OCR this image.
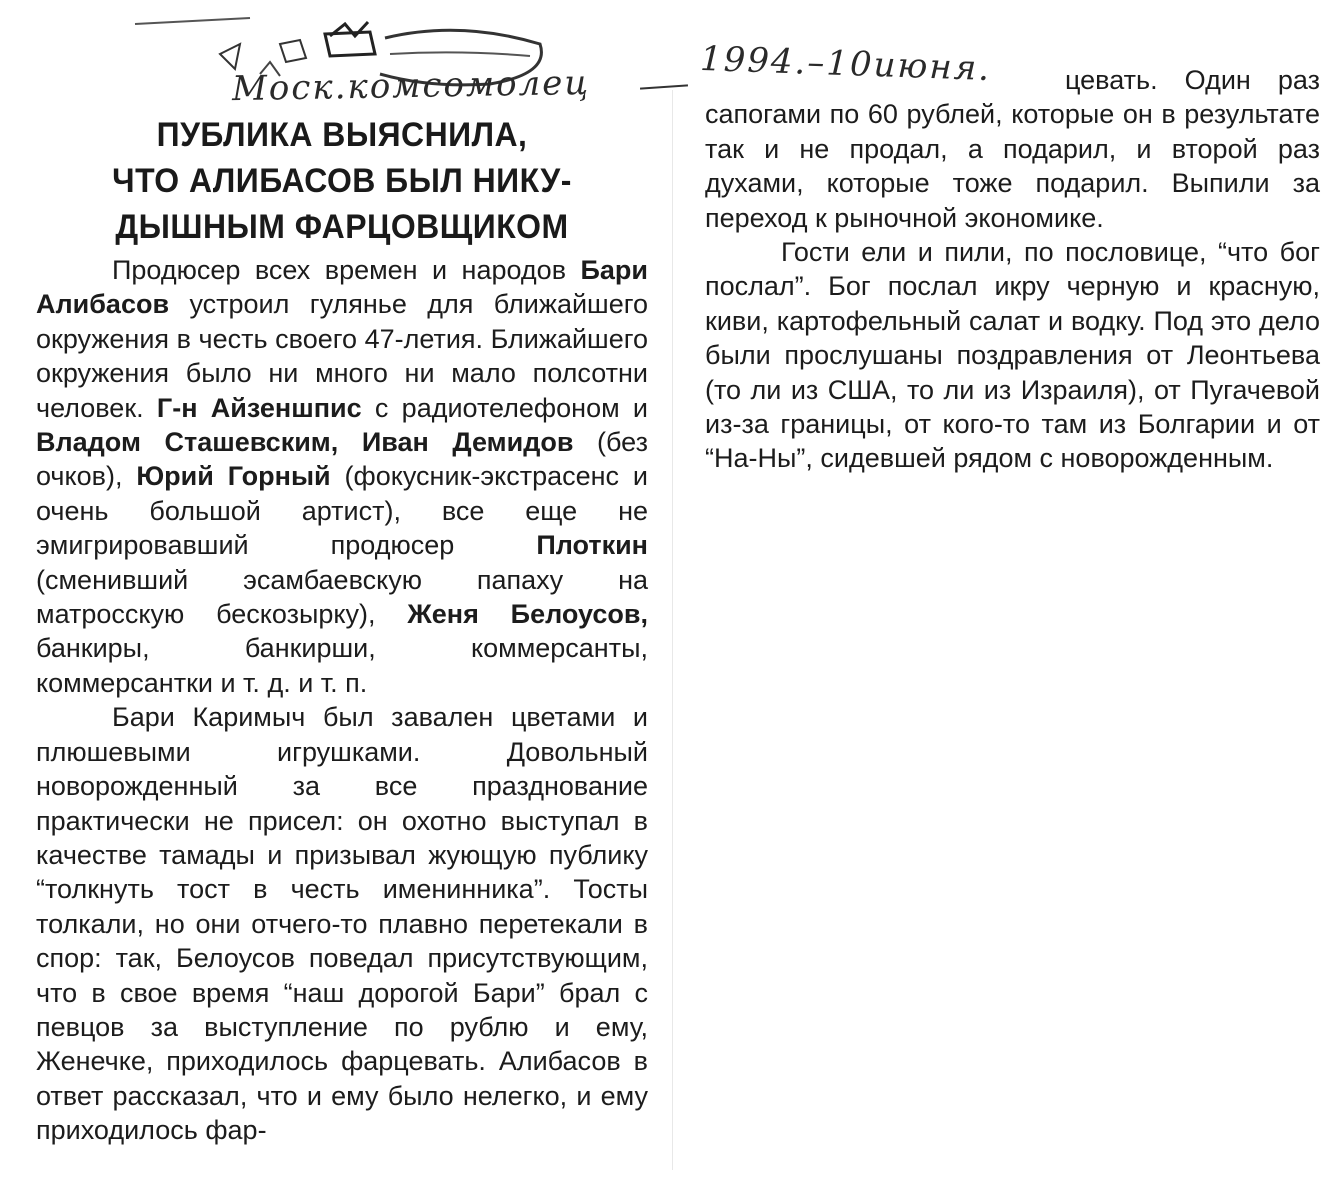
Моск.комсомолец	1994.–10июня.
ПУБЛИКА ВЫЯСНИЛА,
ЧТО АЛИБАСОВ БЫЛ НИКУ-
ДЫШНЫМ ФАРЦОВЩИКОМ

Продюсер всех времен и народов Бари Алибасов устроил гулянье для ближайшего окружения в честь своего 47-летия. Ближайшего окружения было ни много ни мало полсотни человек. Г-н Айзеншпис с радиотелефоном и Владом Сташевским, Иван Демидов (без очков), Юрий Горный (фокусник-экстрасенс и очень большой артист), все еще не эмигрировавший продюсер Плоткин (сменивший эсамбаевскую папаху на матросскую бескозырку), Женя Белоусов, банкиры, банкирши, коммерсанты, коммерсантки и т. д. и т. п.

Бари Каримыч был завален цветами и плюшевыми игрушками. Довольный новорожденный за все празднование практически не присел: он охотно выступал в качестве тамады и призывал жующую публику “толкнуть тост в честь именинника”. Тосты толкали, но они отчего-то плавно перетекали в спор: так, Белоусов поведал присутствующим, что в свое время “наш дорогой Бари” брал с певцов за выступление по рублю и ему, Женечке, приходилось фарцевать. Алибасов в ответ рассказал, что и ему было нелегко, и ему приходилось фар-

цевать. Один раз сапогами по 60 рублей, которые он в результате так и не продал, а подарил, и второй раз духами, которые тоже подарил. Выпили за переход к рыночной экономике.

Гости ели и пили, по пословице, “что бог послал”. Бог послал икру черную и красную, киви, картофельный салат и водку. Под это дело были прослушаны поздравления от Леонтьева (то ли из США, то ли из Израиля), от Пугачевой из-за границы, от кого-то там из Болгарии и от “На-Ны”, сидевшей рядом с новорожденным.
